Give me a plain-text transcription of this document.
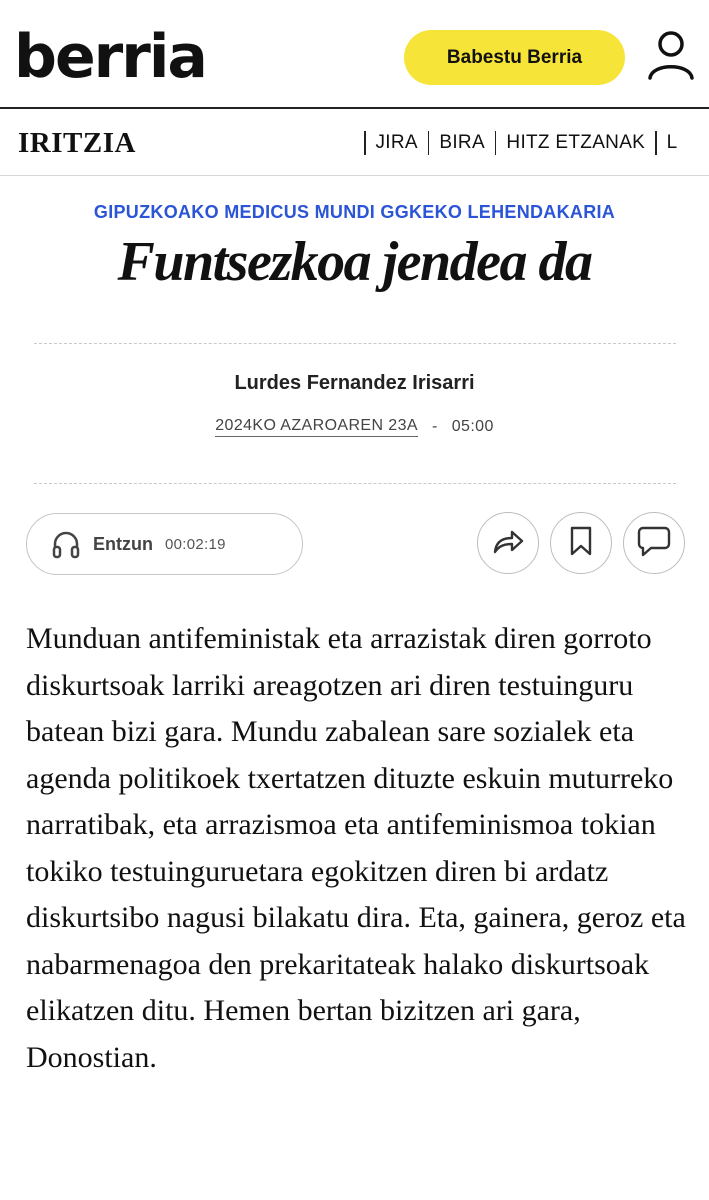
berria	Babestu Berria
IRITZIA	JIRA BIRA HITZ ETZANAK L
GIPUZKOAKO MEDICUS MUNDI GGKEKO LEHENDAKARIA
Funtsezkoa jendea da
Lurdes Fernandez Irisarri
2024KO AZAROAREN 23A - 05:00
Entzun 00:02:19

Munduan antifeministak eta arrazistak diren gorroto diskurtsoak larriki areagotzen ari diren testuinguru batean bizi gara. Mundu zabalean sare sozialek eta agenda politikoek txertatzen dituzte eskuin muturreko narratibak, eta arrazismoa eta antifeminismoa tokian tokiko testuinguruetara egokitzen diren bi ardatz diskurtsibo nagusi bilakatu dira. Eta, gainera, geroz eta nabarmenagoa den prekaritateak halako diskurtsoak elikatzen ditu. Hemen bertan bizitzen ari gara, Donostian.
